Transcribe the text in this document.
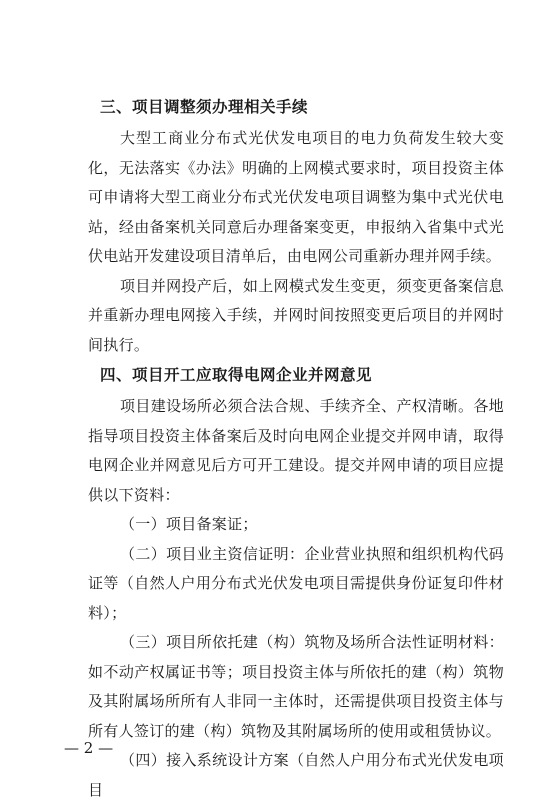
三、项目调整须办理相关手续

大型工商业分布式光伏发电项目的电力负荷发生较大变化，无法落实《办法》明确的上网模式要求时，项目投资主体可申请将大型工商业分布式光伏发电项目调整为集中式光伏电站，经由备案机关同意后办理备案变更，申报纳入省集中式光伏电站开发建设项目清单后，由电网公司重新办理并网手续。

项目并网投产后，如上网模式发生变更，须变更备案信息并重新办理电网接入手续，并网时间按照变更后项目的并网时间执行。

四、项目开工应取得电网企业并网意见

项目建设场所必须合法合规、手续齐全、产权清晰。各地指导项目投资主体备案后及时向电网企业提交并网申请，取得电网企业并网意见后方可开工建设。提交并网申请的项目应提供以下资料：

（一）项目备案证；

（二）项目业主资信证明：企业营业执照和组织机构代码证等（自然人户用分布式光伏发电项目需提供身份证复印件材料）；

（三）项目所依托建（构）筑物及场所合法性证明材料：如不动产权属证书等；项目投资主体与所依托的建（构）筑物及其附属场所所有人非同一主体时，还需提供项目投资主体与所有人签订的建（构）筑物及其附属场所的使用或租赁协议。

（四）接入系统设计方案（自然人户用分布式光伏发电项目

— 2 —
